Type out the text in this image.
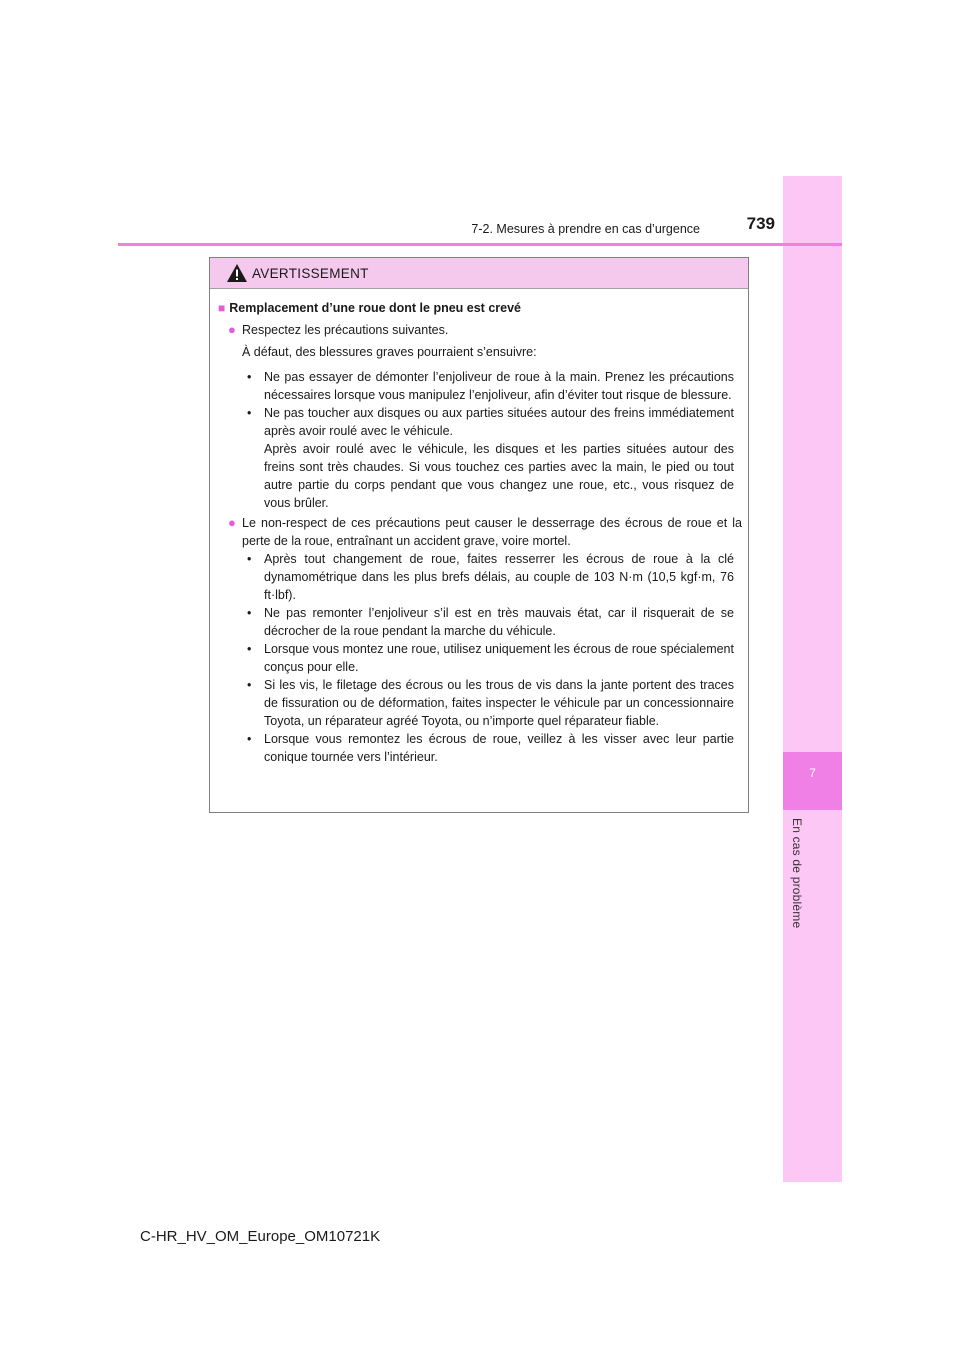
7
En cas de problème
7-2. Mesures à prendre en cas d’urgence	739
AVERTISSEMENT
■ Remplacement d’une roue dont le pneu est crevé
● Respectez les précautions suivantes.
À défaut, des blessures graves pourraient s’ensuivre:
• Ne pas essayer de démonter l’enjoliveur de roue à la main. Prenez les précautions nécessaires lorsque vous manipulez l’enjoliveur, afin d’éviter tout risque de blessure.
• Ne pas toucher aux disques ou aux parties situées autour des freins immédiatement après avoir roulé avec le véhicule.
Après avoir roulé avec le véhicule, les disques et les parties situées autour des freins sont très chaudes. Si vous touchez ces parties avec la main, le pied ou tout autre partie du corps pendant que vous changez une roue, etc., vous risquez de vous brûler.
● Le non-respect de ces précautions peut causer le desserrage des écrous de roue et la perte de la roue, entraînant un accident grave, voire mortel.
• Après tout changement de roue, faites resserrer les écrous de roue à la clé dynamométrique dans les plus brefs délais, au couple de 103 N·m (10,5 kgf·m, 76 ft·lbf).
• Ne pas remonter l’enjoliveur s’il est en très mauvais état, car il risquerait de se décrocher de la roue pendant la marche du véhicule.
• Lorsque vous montez une roue, utilisez uniquement les écrous de roue spécialement conçus pour elle.
• Si les vis, le filetage des écrous ou les trous de vis dans la jante portent des traces de fissuration ou de déformation, faites inspecter le véhicule par un concessionnaire Toyota, un réparateur agréé Toyota, ou n’importe quel réparateur fiable.
• Lorsque vous remontez les écrous de roue, veillez à les visser avec leur partie conique tournée vers l’intérieur.
C-HR_HV_OM_Europe_OM10721K
